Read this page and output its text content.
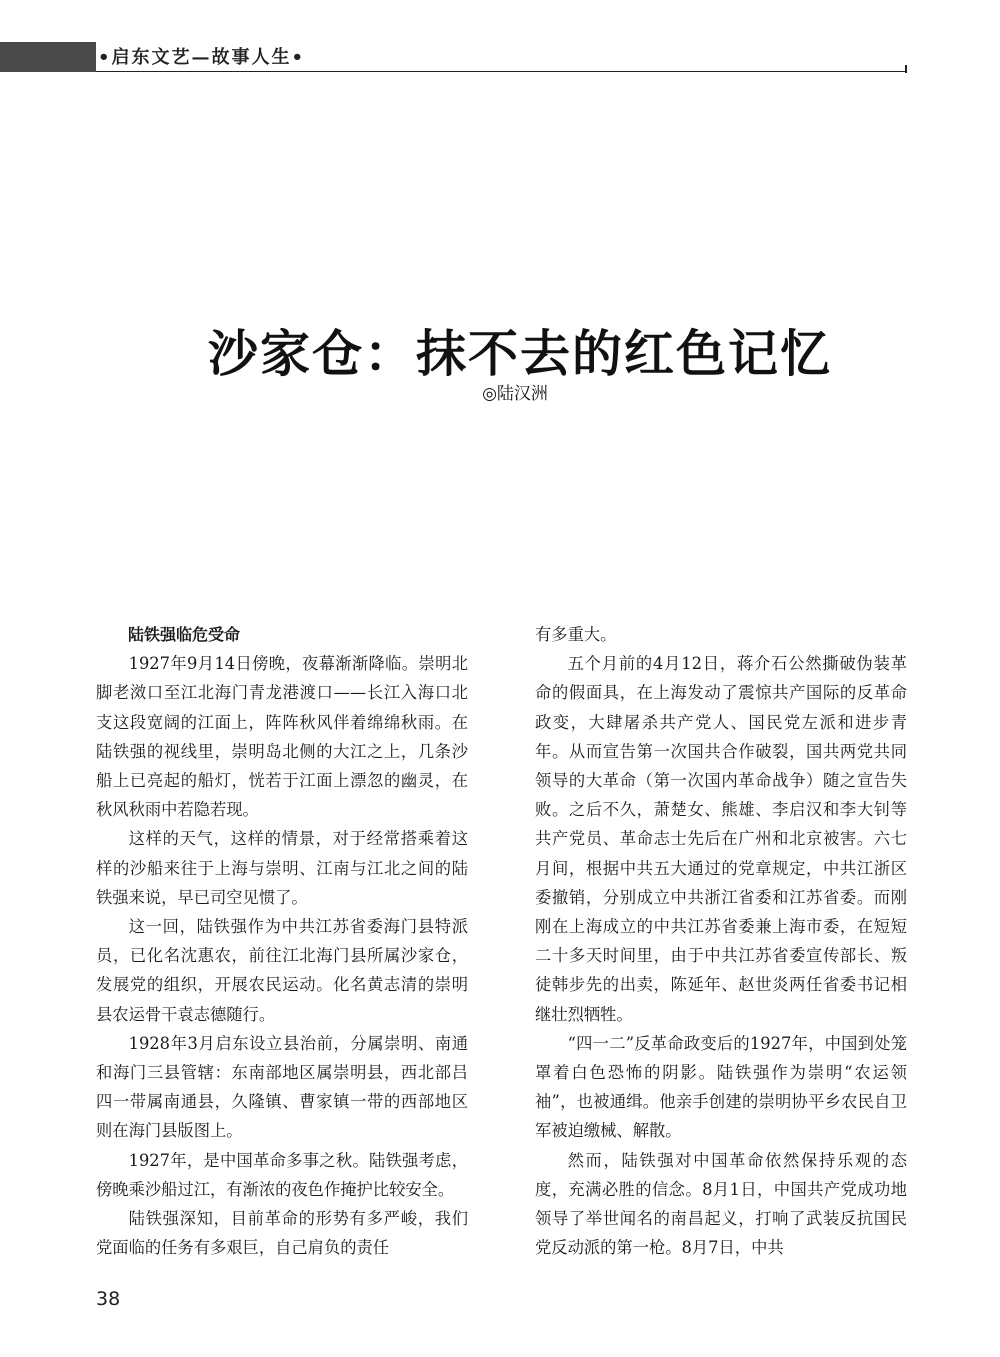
•启东文艺—故事人生•
沙家仓：抹不去的红色记忆
◎陆汉洲
陆铁强临危受命

1927年9月14日傍晚，夜幕渐渐降临。崇明北脚老滧口至江北海门青龙港渡口——长江入海口北支这段宽阔的江面上，阵阵秋风伴着绵绵秋雨。在陆铁强的视线里，崇明岛北侧的大江之上，几条沙船上已亮起的船灯，恍若于江面上漂忽的幽灵，在秋风秋雨中若隐若现。

这样的天气，这样的情景，对于经常搭乘着这样的沙船来往于上海与崇明、江南与江北之间的陆铁强来说，早已司空见惯了。

这一回，陆铁强作为中共江苏省委海门县特派员，已化名沈惠农，前往江北海门县所属沙家仓，发展党的组织，开展农民运动。化名黄志清的崇明县农运骨干袁志德随行。

1928年3月启东设立县治前，分属崇明、南通和海门三县管辖：东南部地区属崇明县，西北部吕四一带属南通县，久隆镇、曹家镇一带的西部地区则在海门县版图上。

1927年，是中国革命多事之秋。陆铁强考虑，傍晚乘沙船过江，有渐浓的夜色作掩护比较安全。

陆铁强深知，目前革命的形势有多严峻，我们党面临的任务有多艰巨，自己肩负的责任

有多重大。

五个月前的4月12日，蒋介石公然撕破伪装革命的假面具，在上海发动了震惊共产国际的反革命政变，大肆屠杀共产党人、国民党左派和进步青年。从而宣告第一次国共合作破裂，国共两党共同领导的大革命（第一次国内革命战争）随之宣告失败。之后不久，萧楚女、熊雄、李启汉和李大钊等共产党员、革命志士先后在广州和北京被害。六七月间，根据中共五大通过的党章规定，中共江浙区委撤销，分别成立中共浙江省委和江苏省委。而刚刚在上海成立的中共江苏省委兼上海市委，在短短二十多天时间里，由于中共江苏省委宣传部长、叛徒韩步先的出卖，陈延年、赵世炎两任省委书记相继壮烈牺牲。

“四一二”反革命政变后的1927年，中国到处笼罩着白色恐怖的阴影。陆铁强作为崇明“农运领袖”，也被通缉。他亲手创建的崇明协平乡农民自卫军被迫缴械、解散。

然而，陆铁强对中国革命依然保持乐观的态度，充满必胜的信念。8月1日，中国共产党成功地领导了举世闻名的南昌起义，打响了武装反抗国民党反动派的第一枪。8月7日，中共

38
